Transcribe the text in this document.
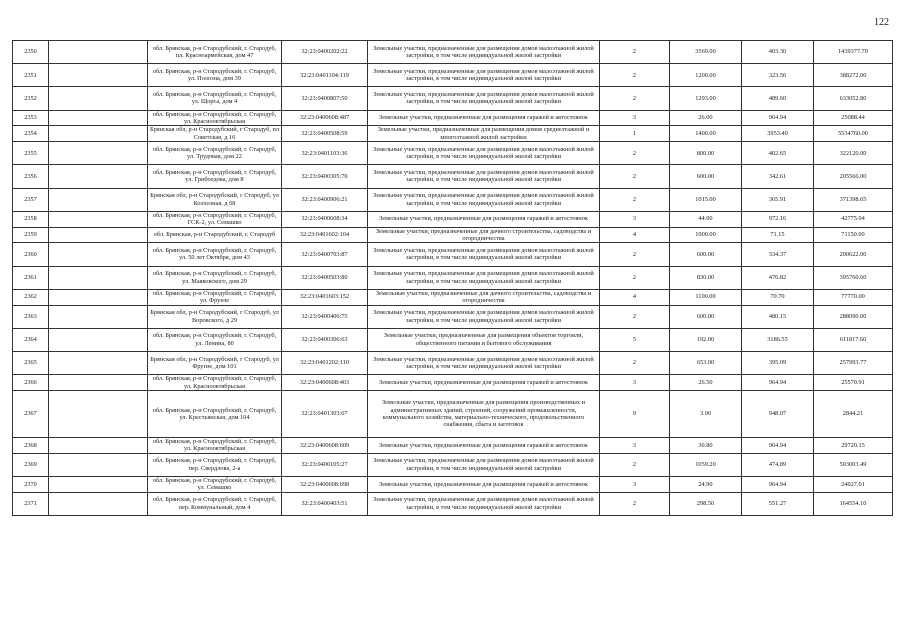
122
2350		обл. Брянская, р-н Стародубский, г. Стародуб, пл. Красноармейская, дом 47	32:23:0400202:22	Земельные участки, предназначенные для размещения домов малоэтажной жилой застройки, в том числе индивидуальной жилой застройки	2	3569.00	403.30	1439377.70
2351		обл. Брянская, р-н Стародубский, г. Стародуб, ул. Полозна, дом 39	32:23:0401104:119	Земельные участки, предназначенные для размещения домов малоэтажной жилой застройки, в том числе индивидуальной жилой застройки	2	1200.00	323.56	388272.00
2352		обл. Брянская, р-н Стародубский, г. Стародуб, ул. Щорса, дом 4	32:23:0400807:50	Земельные участки, предназначенные для размещения домов малоэтажной жилой застройки, в том числе индивидуальной жилой застройки	2	1293.00	489.60	633052.80
2353		обл. Брянская, р-н Стародубский, г. Стародуб, ул. Краснооктябрьская	32:23:0400608:487	Земельные участки, предназначенные для размещения гаражей и автостоянок	3	26.00	964.94	25088.44
2354		Брянская обл, р-н Стародубский, г Стародуб, пл Советская, д 16	32:23:0400508:59	Земельные участки, предназначенные для размещения домов среднеэтажной и многоэтажной жилой застройки	1	1400.00	3953.40	5534760.00
2355		обл. Брянская, р-н Стародубский, г. Стародуб, ул. Трудовая, дом 22	32:23:0401103:36	Земельные участки, предназначенные для размещения домов малоэтажной жилой застройки, в том числе индивидуальной жилой застройки	2	800.00	402.65	322120.00
2356		обл. Брянская, р-н Стародубский, г. Стародуб, ул. Грибоедова, дом 8	32:23:0400305:70	Земельные участки, предназначенные для размещения домов малоэтажной жилой застройки, в том числе индивидуальной жилой застройки	2	600.00	342.61	205566.00
2357		Брянская обл, р-н Стародубский, г Стародуб, ул Колхозная, д 68	32:23:0400906:21	Земельные участки, предназначенные для размещения домов малоэтажной жилой застройки, в том числе индивидуальной жилой застройки	2	1015.00	365.91	371398.65
2358		обл. Брянская, р-н Стародубский, г. Стародуб, ГСК-2, ул. Семашко	32:23:0400608:34	Земельные участки, предназначенные для размещения гаражей и автостоянок	3	44.00	972.16	42775.04
2359		обл. Брянская, р-н Стародубский, г. Стародуб	32:23:0401602:104	Земельные участки, предназначенные для дачного строительства, садоводства и огородничества	4	1000.00	71.15	71150.00
2360		обл. Брянская, р-н Стародубский, г. Стародуб, ул. 50 лет Октября, дом 43	32:23:0400703:87	Земельные участки, предназначенные для размещения домов малоэтажной жилой застройки, в том числе индивидуальной жилой застройки	2	600.00	334.37	200622.00
2361		обл. Брянская, р-н Стародубский, г. Стародуб, ул. Маяковского, дом 29	32:23:0400503:80	Земельные участки, предназначенные для размещения домов малоэтажной жилой застройки, в том числе индивидуальной жилой застройки	2	830.00	476.82	395760.60
2362		обл. Брянская, р-н Стародубский, г. Стародуб, ул. Фрунзе	32:23:0401603:152	Земельные участки, предназначенные для дачного строительства, садоводства и огородничества	4	1100.00	70.70	77770.00
2363		Брянская обл, р-н Стародубский, г Стародуб, ул Воровского, д 29	32:23:0400406:75	Земельные участки, предназначенные для размещения домов малоэтажной жилой застройки, в том числе индивидуальной жилой застройки	2	600.00	480.15	288090.00
2364		обл. Брянская, р-н Стародубский, г. Стародуб, ул. Ленина, 80	32:23:0400306:63	Земельные участки, предназначенные для размещения объектов торговли, общественного питания и бытового обслуживания	5	192.00	3186.55	611817.60
2365		Брянская обл, р-н Стародубский, г Стародуб, ул Фрунзе, дом 101	32:23:0401202:110	Земельные участки, предназначенные для размещения домов малоэтажной жилой застройки, в том числе индивидуальной жилой застройки	2	653.00	395.09	257993.77
2366		обл. Брянская, р-н Стародубский, г. Стародуб, ул. Краснооктябрьская	32:23:0400608:403	Земельные участки, предназначенные для размещения гаражей и автостоянок	3	26.50	964.94	25570.91
2367		обл. Брянская, р-н Стародубский, г. Стародуб, ул. Крестьянская, дом 104	32:23:0401303:67	Земельные участки, предназначенные для размещения производственных и административных зданий, строений, сооружений промышленности, коммунального хозяйства, материально-технического, продовольственного снабжения, сбыта и заготовок	9	3.00	948.07	2844.21
2368		обл. Брянская, р-н Стародубский, г. Стародуб, ул. Краснооктябрьская	32:23:0400608:609	Земельные участки, предназначенные для размещения гаражей и автостоянок	3	30.80	964.94	29720.15
2369		обл. Брянская, р-н Стародубский, г. Стародуб, пер. Свердлова, 2-а	32:23:0400105:27	Земельные участки, предназначенные для размещения домов малоэтажной жилой застройки, в том числе индивидуальной жилой застройки	2	1059.20	474.89	503003.49
2370		обл. Брянская, р-н Стародубский, г. Стародуб, ул. Семашко	32:23:0400608:698	Земельные участки, предназначенные для размещения гаражей и автостоянок	3	24.90	964.94	24027.01
2371		обл. Брянская, р-н Стародубский, г. Стародуб, пер. Коммунальный, дом 4	32:23:0400403:51	Земельные участки, предназначенные для размещения домов малоэтажной жилой застройки, в том числе индивидуальной жилой застройки	2	298.50	551.27	164554.10
